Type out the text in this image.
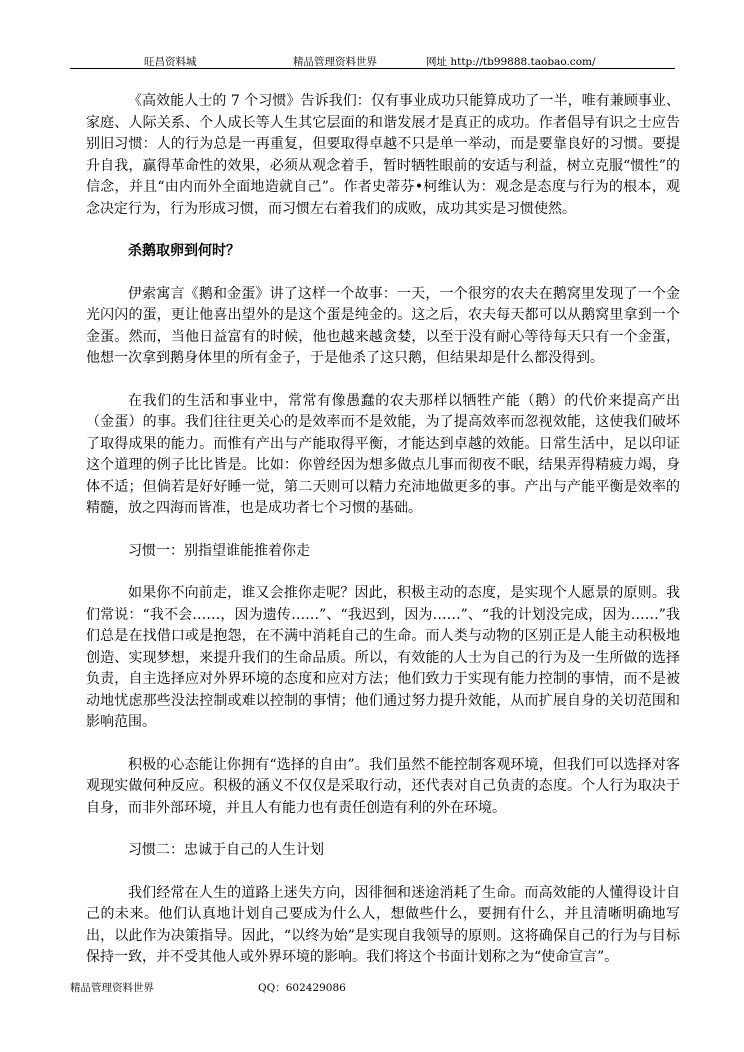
旺昌资料城	精品管理资料世界	网址 http://tb99888.taobao.com/

《高效能人士的 7 个习惯》告诉我们：仅有事业成功只能算成功了一半，唯有兼顾事业、家庭、人际关系、个人成长等人生其它层面的和谐发展才是真正的成功。作者倡导有识之士应告别旧习惯：人的行为总是一再重复，但要取得卓越不只是单一举动，而是要靠良好的习惯。要提升自我，赢得革命性的效果，必须从观念着手，暂时牺牲眼前的安适与利益，树立克服“惯性”的信念，并且“由内而外全面地造就自己”。作者史蒂芬•柯维认为：观念是态度与行为的根本，观念决定行为，行为形成习惯，而习惯左右着我们的成败，成功其实是习惯使然。

杀鹅取卵到何时？

伊索寓言《鹅和金蛋》讲了这样一个故事：一天，一个很穷的农夫在鹅窝里发现了一个金光闪闪的蛋，更让他喜出望外的是这个蛋是纯金的。这之后，农夫每天都可以从鹅窝里拿到一个金蛋。然而，当他日益富有的时候，他也越来越贪婪，以至于没有耐心等待每天只有一个金蛋，他想一次拿到鹅身体里的所有金子，于是他杀了这只鹅，但结果却是什么都没得到。

在我们的生活和事业中，常常有像愚蠢的农夫那样以牺牲产能（鹅）的代价来提高产出（金蛋）的事。我们往往更关心的是效率而不是效能，为了提高效率而忽视效能，这使我们破坏了取得成果的能力。而惟有产出与产能取得平衡，才能达到卓越的效能。日常生活中，足以印证这个道理的例子比比皆是。比如：你曾经因为想多做点儿事而彻夜不眠，结果弄得精疲力竭，身体不适；但倘若是好好睡一觉，第二天则可以精力充沛地做更多的事。产出与产能平衡是效率的精髓，放之四海而皆准，也是成功者七个习惯的基础。

习惯一：别指望谁能推着你走

如果你不向前走，谁又会推你走呢？因此，积极主动的态度，是实现个人愿景的原则。我们常说：“我不会……，因为遗传……”、“我迟到，因为……”、“我的计划没完成，因为……”我们总是在找借口或是抱怨，在不满中消耗自己的生命。而人类与动物的区别正是人能主动积极地创造、实现梦想，来提升我们的生命品质。所以，有效能的人士为自己的行为及一生所做的选择负责，自主选择应对外界环境的态度和应对方法；他们致力于实现有能力控制的事情，而不是被动地忧虑那些没法控制或难以控制的事情；他们通过努力提升效能，从而扩展自身的关切范围和影响范围。

积极的心态能让你拥有“选择的自由”。我们虽然不能控制客观环境，但我们可以选择对客观现实做何种反应。积极的涵义不仅仅是采取行动，还代表对自己负责的态度。个人行为取决于自身，而非外部环境，并且人有能力也有责任创造有利的外在环境。

习惯二：忠诚于自己的人生计划

我们经常在人生的道路上迷失方向，因徘徊和迷途消耗了生命。而高效能的人懂得设计自己的未来。他们认真地计划自己要成为什么人，想做些什么，要拥有什么，并且清晰明确地写出，以此作为决策指导。因此，“以终为始”是实现自我领导的原则。这将确保自己的行为与目标保持一致，并不受其他人或外界环境的影响。我们将这个书面计划称之为“使命宣言”。

精品管理资料世界	QQ：602429086
